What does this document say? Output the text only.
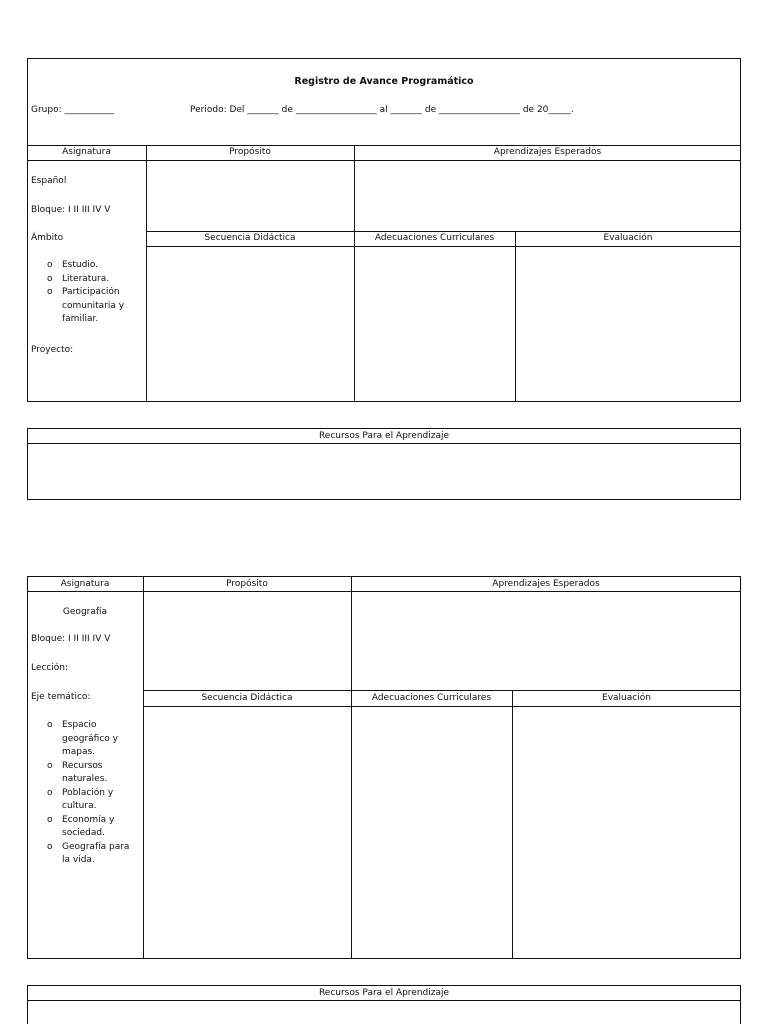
Registro de Avance Programático
Grupo: ___________	Periodo: Del _______ de __________________ al _______ de __________________ de 20_____.
Asignatura	Propósito	Aprendizajes Esperados
Secuencia Didáctica	Adecuaciones Curriculares	Evaluación
Español
Bloque: I II III IV V
Ámbito
o Estudio.
o Literatura.
o Participación comunitaria y familiar.
Proyecto:
Recursos Para el Aprendizaje
Asignatura	Propósito	Aprendizajes Esperados
Secuencia Didáctica	Adecuaciones Curriculares	Evaluación
Geografía
Bloque: I II III IV V
Lección:
Eje temático:
o Espacio geográfico y mapas.
o Recursos naturales.
o Población y cultura.
o Economía y sociedad.
o Geografía para la vida.
Recursos Para el Aprendizaje
